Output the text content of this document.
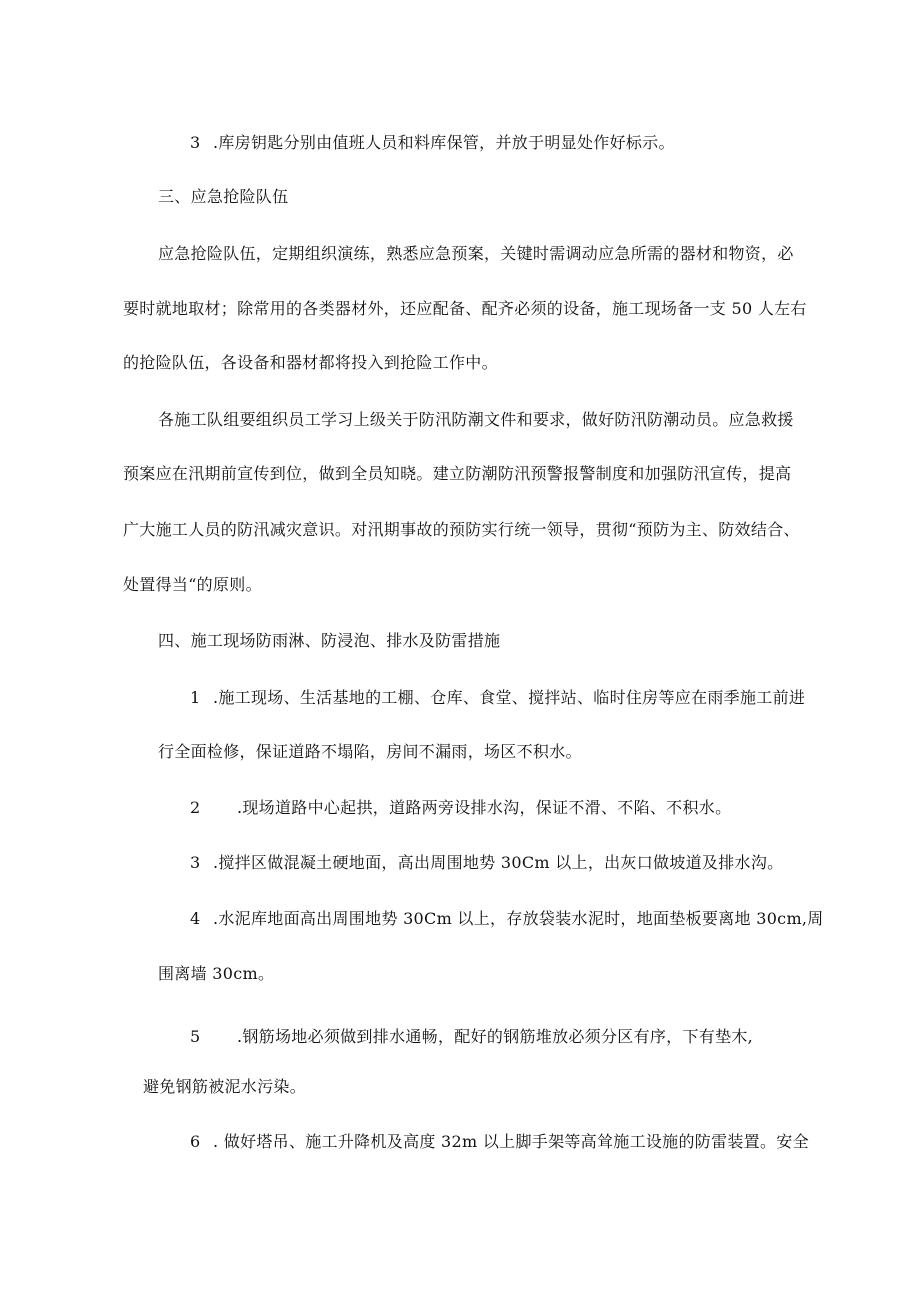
3 .库房钥匙分别由值班人员和料库保管，并放于明显处作好标示。
三、应急抢险队伍
应急抢险队伍，定期组织演练，熟悉应急预案，关键时需调动应急所需的器材和物资，必
要时就地取材；除常用的各类器材外，还应配备、配齐必须的设备，施工现场备一支 50 人左右
的抢险队伍，各设备和器材都将投入到抢险工作中。
各施工队组要组织员工学习上级关于防汛防潮文件和要求，做好防汛防潮动员。应急救援
预案应在汛期前宣传到位，做到全员知晓。建立防潮防汛预警报警制度和加强防汛宣传，提高
广大施工人员的防汛减灾意识。对汛期事故的预防实行统一领导，贯彻“预防为主、防效结合、
处置得当“的原则。
四、施工现场防雨淋、防浸泡、排水及防雷措施
1 .施工现场、生活基地的工棚、仓库、食堂、搅拌站、临时住房等应在雨季施工前进
行全面检修，保证道路不塌陷，房间不漏雨，场区不积水。
2 .现场道路中心起拱，道路两旁设排水沟，保证不滑、不陷、不积水。
3 .搅拌区做混凝土硬地面，高出周围地势 30Cm 以上，出灰口做坡道及排水沟。
4 .水泥库地面高出周围地势 30Cm 以上，存放袋装水泥时，地面垫板要离地 30cm,周
围离墙 30cm。
5 .钢筋场地必须做到排水通畅，配好的钢筋堆放必须分区有序，下有垫木,
避免钢筋被泥水污染。
6 . 做好塔吊、施工升降机及高度 32m 以上脚手架等高耸施工设施的防雷装置。安全
